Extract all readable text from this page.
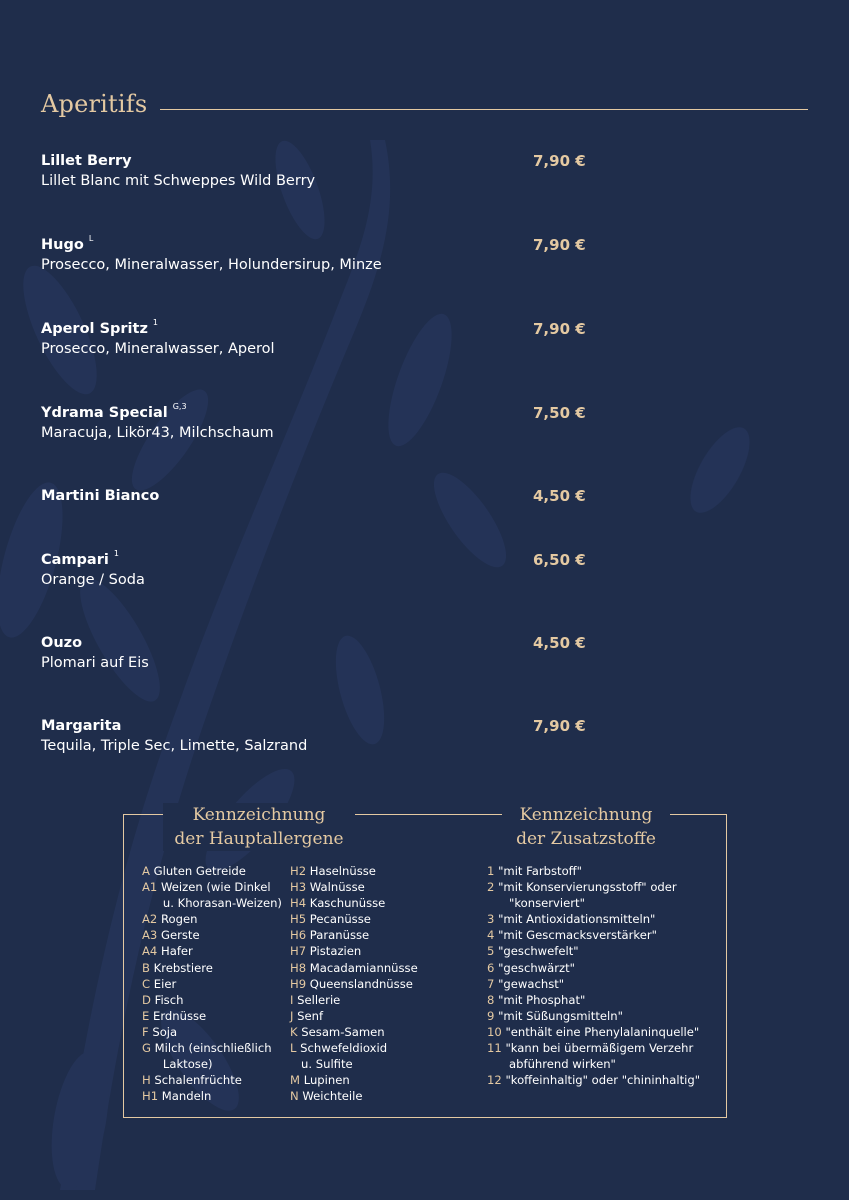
Aperitifs
Lillet Berry
Lillet Blanc mit Schweppes Wild Berry
7,90 €
Hugo $^L$
Prosecco, Mineralwasser, Holundersirup, Minze
7,90 €
Aperol Spritz $^1$
Prosecco, Mineralwasser, Aperol
7,90 €
Ydrama Special $^{G,3}$
Maracuja, Likör43, Milchschaum
7,50 €
Martini Bianco	4,50 €
Campari $^1$
Orange / Soda
6,50 €
Ouzo
Plomari auf Eis
4,50 €
Margarita
Tequila, Triple Sec, Limette, Salzrand
7,90 €
Kennzeichnung
der Hauptallergene
Kennzeichnung
der Zusatzstoffe
A Gluten Getreide
A1 Weizen (wie Dinkel
u. Khorasan-Weizen)
A2 Rogen
A3 Gerste
A4 Hafer
B Krebstiere
C Eier
D Fisch
E Erdnüsse
F Soja
G Milch (einschließlich
Laktose)
H Schalenfrüchte
H1 Mandeln
H2 Haselnüsse
H3 Walnüsse
H4 Kaschunüsse
H5 Pecanüsse
H6 Paranüsse
H7 Pistazien
H8 Macadamiannüsse
H9 Queenslandnüsse
I Sellerie
J Senf
K Sesam-Samen
L Schwefeldioxid
u. Sulfite
M Lupinen
N Weichteile
1 "mit Farbstoff"
2 "mit Konservierungsstoff" oder
"konserviert"
3 "mit Antioxidationsmitteln"
4 "mit Gescmacksverstärker"
5 "geschwefelt"
6 "geschwärzt"
7 "gewachst"
8 "mit Phosphat"
9 "mit Süßungsmitteln"
10 "enthält eine Phenylalaninquelle"
11 "kann bei übermäßigem Verzehr
abführend wirken"
12 "koffeinhaltig" oder "chininhaltig"
